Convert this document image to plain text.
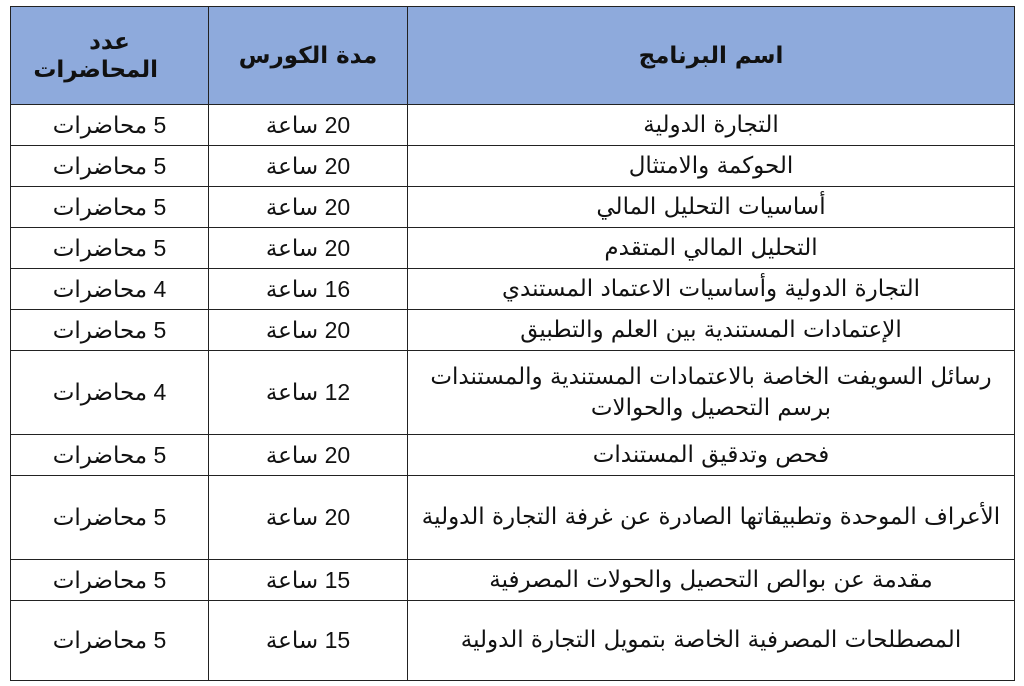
اسم البرنامج	مدة الكورس	عدد المحاضرات
التجارة الدولية	20 ساعة	5 محاضرات
الحوكمة والامتثال	20 ساعة	5 محاضرات
أساسيات التحليل المالي	20 ساعة	5 محاضرات
التحليل المالي المتقدم	20 ساعة	5 محاضرات
التجارة الدولية وأساسيات الاعتماد المستندي	16 ساعة	4 محاضرات
الإعتمادات المستندية بين العلم والتطبيق	20 ساعة	5 محاضرات
رسائل السويفت الخاصة بالاعتمادات المستندية والمستندات برسم التحصيل والحوالات	12 ساعة	4 محاضرات
فحص وتدقيق المستندات	20 ساعة	5 محاضرات
الأعراف الموحدة وتطبيقاتها الصادرة عن غرفة التجارة الدولية	20 ساعة	5 محاضرات
مقدمة عن بوالص التحصيل والحولات المصرفية	15 ساعة	5 محاضرات
المصطلحات المصرفية الخاصة بتمويل التجارة الدولية	15 ساعة	5 محاضرات
